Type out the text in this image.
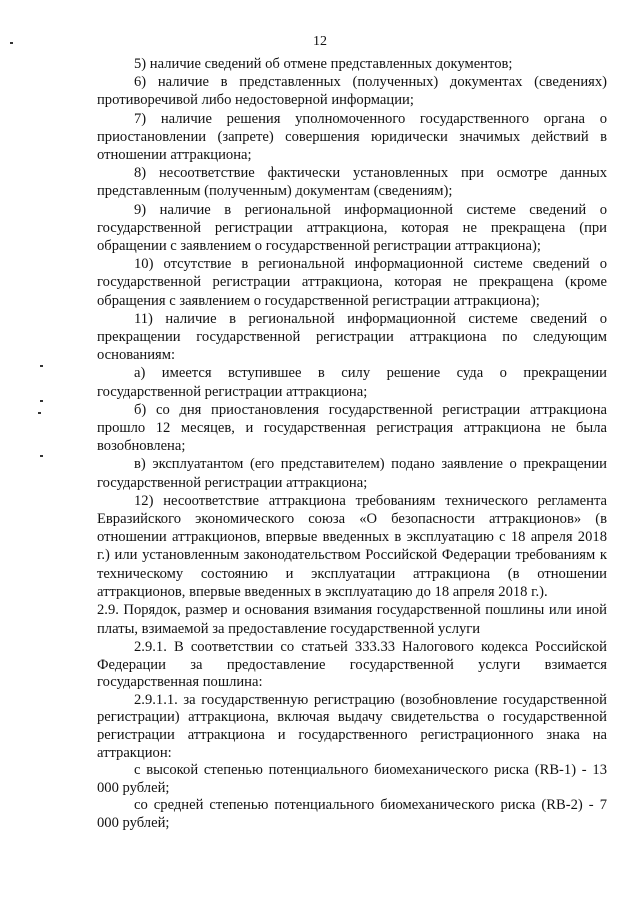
12

5) наличие сведений об отмене представленных документов;

6) наличие в представленных (полученных) документах (сведениях) противоречивой либо недостоверной информации;

7) наличие решения уполномоченного государственного органа о приостановлении (запрете) совершения юридически значимых действий в отношении аттракциона;

8) несоответствие фактически установленных при осмотре данных представленным (полученным) документам (сведениям);

9) наличие в региональной информационной системе сведений о государственной регистрации аттракциона, которая не прекращена (при обращении с заявлением о государственной регистрации аттракциона);

10) отсутствие в региональной информационной системе сведений о государственной регистрации аттракциона, которая не прекращена (кроме обращения с заявлением о государственной регистрации аттракциона);

11) наличие в региональной информационной системе сведений о прекращении государственной регистрации аттракциона по следующим основаниям:

а) имеется вступившее в силу решение суда о прекращении государственной регистрации аттракциона;

б) со дня приостановления государственной регистрации аттракциона прошло 12 месяцев, и государственная регистрация аттракциона не была возобновлена;

в) эксплуатантом (его представителем) подано заявление о прекращении государственной регистрации аттракциона;

12) несоответствие аттракциона требованиям технического регламента Евразийского экономического союза «О безопасности аттракционов» (в отношении аттракционов, впервые введенных в эксплуатацию с 18 апреля 2018 г.) или установленным законодательством Российской Федерации требованиям к техническому состоянию и эксплуатации аттракциона (в отношении аттракционов, впервые введенных в эксплуатацию до 18 апреля 2018 г.).

2.9. Порядок, размер и основания взимания государственной пошлины или иной платы, взимаемой за предоставление государственной услуги

2.9.1. В соответствии со статьей 333.33 Налогового кодекса Российской Федерации за предоставление государственной услуги взимается государственная пошлина:

2.9.1.1. за государственную регистрацию (возобновление государственной регистрации) аттракциона, включая выдачу свидетельства о государственной регистрации аттракциона и государственного регистрационного знака на аттракцион:

с высокой степенью потенциального биомеханического риска (RB-1) - 13 000 рублей;

со средней степенью потенциального биомеханического риска (RB-2) - 7 000 рублей;
